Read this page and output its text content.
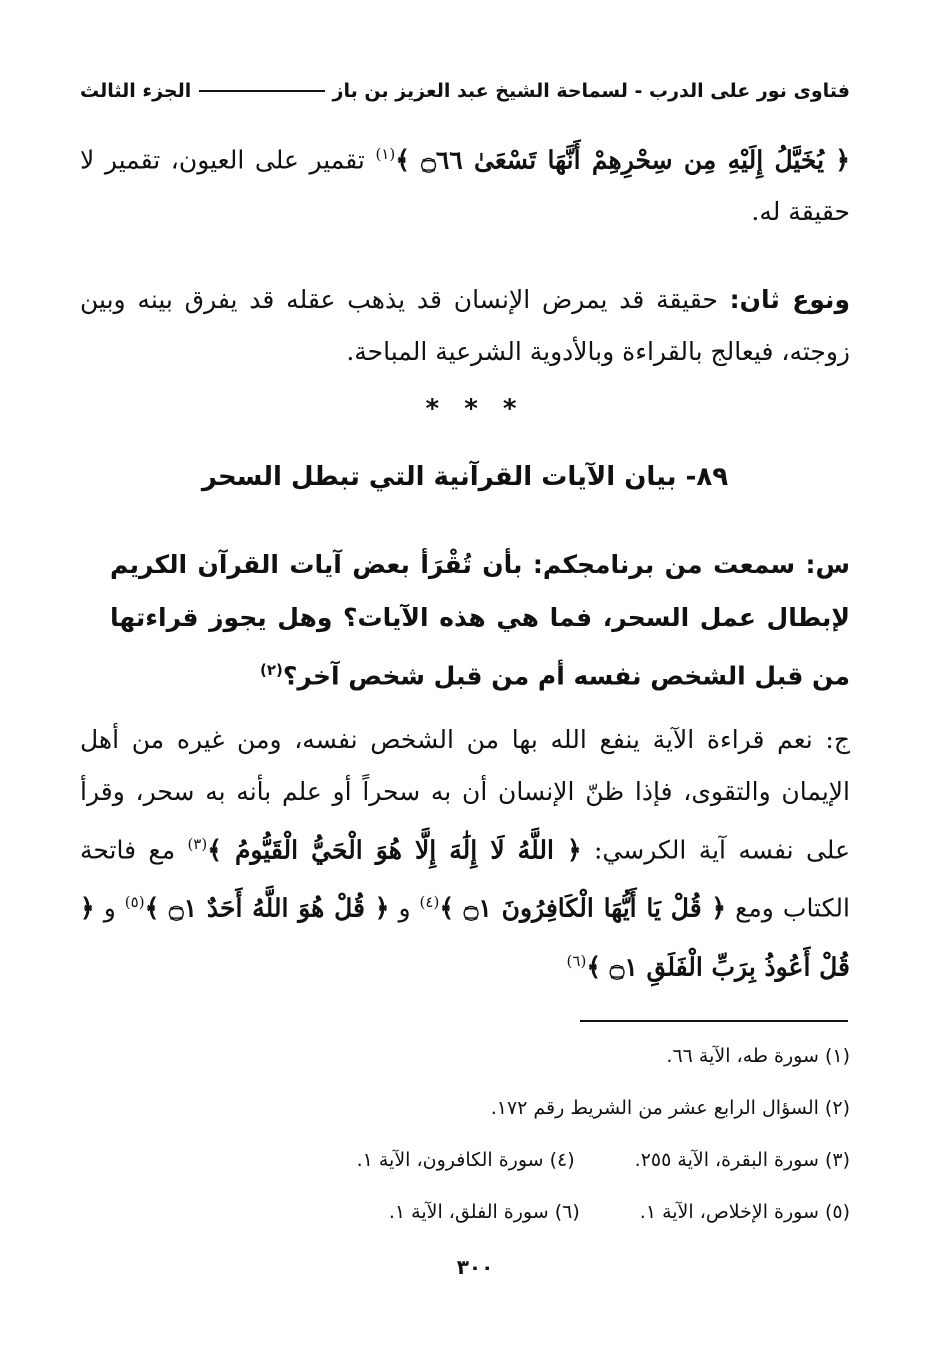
فتاوى نور على الدرب - لسماحة الشيخ عبد العزيز بن باز
الجزء الثالث

﴿ يُخَيَّلُ إِلَيْهِ مِن سِحْرِهِمْ أَنَّهَا تَسْعَىٰ ۝٦٦ ﴾$^{(١)}$ تقمير على العيون، تقمير لا حقيقة له.

ونوع ثان: حقيقة قد يمرض الإنسان قد يذهب عقله قد يفرق بينه وبين زوجته، فيعالج بالقراءة وبالأدوية الشرعية المباحة.

* * *
٨٩- بيان الآيات القرآنية التي تبطل السحر

س: سمعت من برنامجكم: بأن تُقْرَأ بعض آيات القرآن الكريم لإبطال عمل السحر، فما هي هذه الآيات؟ وهل يجوز قراءتها من قبل الشخص نفسه أم من قبل شخص آخر؟$^{(٢)}$

ج: نعم قراءة الآية ينفع الله بها من الشخص نفسه، ومن غيره من أهل الإيمان والتقوى، فإذا ظنّ الإنسان أن به سحراً أو علم بأنه به سحر، وقرأ على نفسه آية الكرسي: ﴿ اللَّهُ لَا إِلَٰهَ إِلَّا هُوَ الْحَيُّ الْقَيُّومُ ﴾$^{(٣)}$ مع فاتحة الكتاب ومع ﴿ قُلْ يَا أَيُّهَا الْكَافِرُونَ ۝١ ﴾$^{(٤)}$ و ﴿ قُلْ هُوَ اللَّهُ أَحَدٌ ۝١ ﴾$^{(٥)}$ و ﴿ قُلْ أَعُوذُ بِرَبِّ الْفَلَقِ ۝١ ﴾$^{(٦)}$

(١) سورة طه، الآية ٦٦.
(٢) السؤال الرابع عشر من الشريط رقم ١٧٢.
(٣) سورة البقرة، الآية ٢٥٥.
(٤) سورة الكافرون، الآية ١.
(٥) سورة الإخلاص، الآية ١.
(٦) سورة الفلق، الآية ١.
٣٠٠
